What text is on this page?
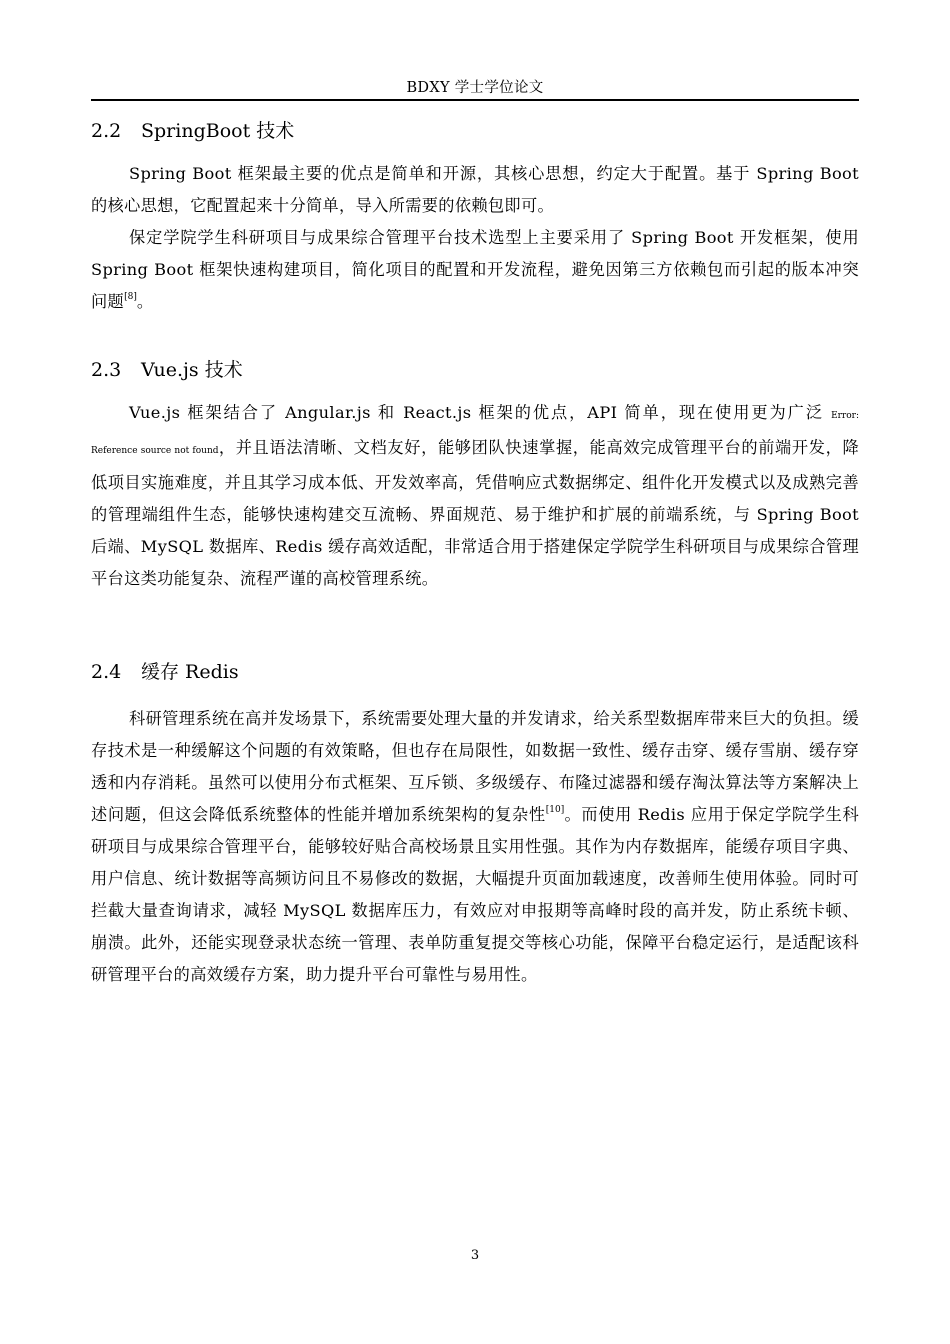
BDXY 学士学位论文
2.2 SpringBoot 技术

Spring Boot 框架最主要的优点是简单和开源，其核心思想，约定大于配置。基于 Spring Boot 的核心思想，它配置起来十分简单，导入所需要的依赖包即可。

保定学院学生科研项目与成果综合管理平台技术选型上主要采用了 Spring Boot 开发框架，使用 Spring Boot 框架快速构建项目，简化项目的配置和开发流程，避免因第三方依赖包而引起的版本冲突问题[8]。

2.3 Vue.js 技术

Vue.js 框架结合了 Angular.js 和 React.js 框架的优点，API 简单，现在使用更为广泛 Error: Reference source not found，并且语法清晰、文档友好，能够团队快速掌握，能高效完成管理平台的前端开发，降低项目实施难度，并且其学习成本低、开发效率高，凭借响应式数据绑定、组件化开发模式以及成熟完善的管理端组件生态，能够快速构建交互流畅、界面规范、易于维护和扩展的前端系统，与 Spring Boot 后端、MySQL 数据库、Redis 缓存高效适配，非常适合用于搭建保定学院学生科研项目与成果综合管理平台这类功能复杂、流程严谨的高校管理系统。

2.4 缓存 Redis

科研管理系统在高并发场景下，系统需要处理大量的并发请求，给关系型数据库带来巨大的负担。缓存技术是一种缓解这个问题的有效策略，但也存在局限性，如数据一致性、缓存击穿、缓存雪崩、缓存穿透和内存消耗。虽然可以使用分布式框架、互斥锁、多级缓存、布隆过滤器和缓存淘汰算法等方案解决上述问题，但这会降低系统整体的性能并增加系统架构的复杂性[10]。而使用 Redis 应用于保定学院学生科研项目与成果综合管理平台，能够较好贴合高校场景且实用性强。其作为内存数据库，能缓存项目字典、用户信息、统计数据等高频访问且不易修改的数据，大幅提升页面加载速度，改善师生使用体验。同时可拦截大量查询请求，减轻 MySQL 数据库压力，有效应对申报期等高峰时段的高并发，防止系统卡顿、崩溃。此外，还能实现登录状态统一管理、表单防重复提交等核心功能，保障平台稳定运行，是适配该科研管理平台的高效缓存方案，助力提升平台可靠性与易用性。

3
